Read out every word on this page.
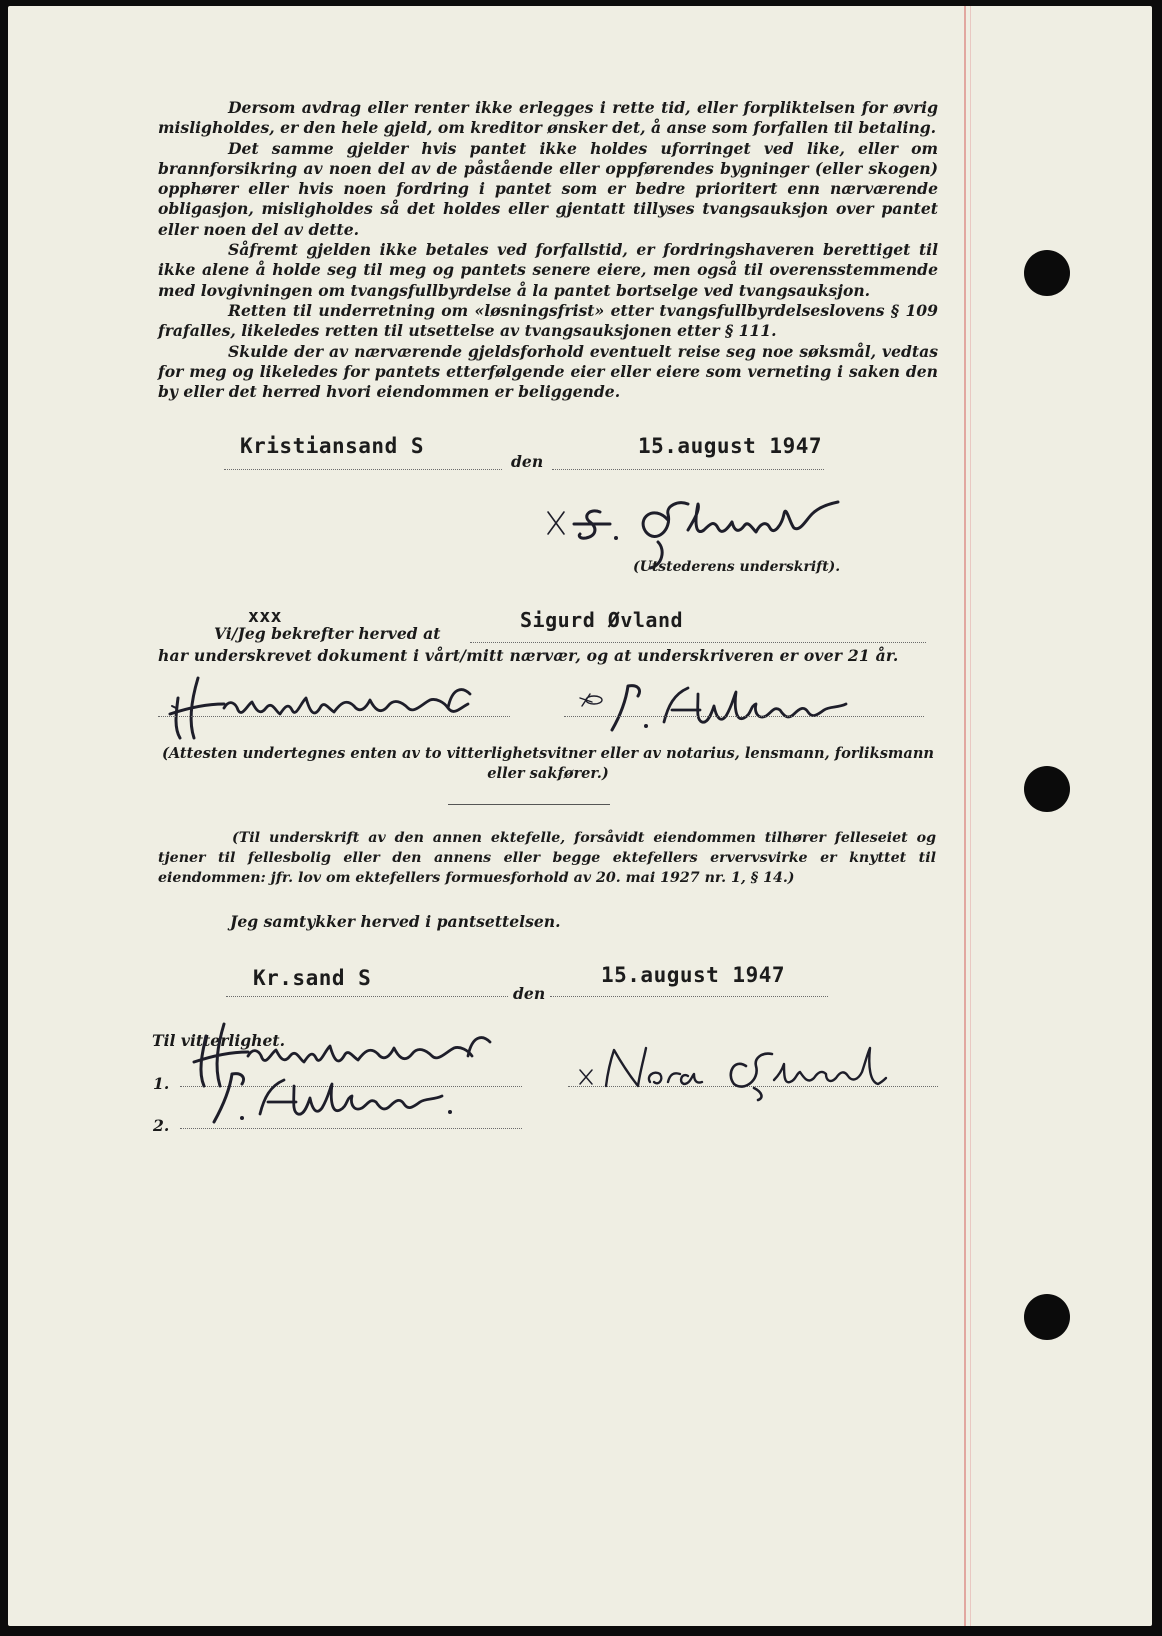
Dersom avdrag eller renter ikke erlegges i rette tid, eller forpliktelsen for øvrig misligholdes, er den hele gjeld, om kreditor ønsker det, å anse som forfallen til betaling.
Det samme gjelder hvis pantet ikke holdes uforringet ved like, eller om brannforsikring av noen del av de påstående eller oppførendes bygninger (eller skogen) opphører eller hvis noen fordring i pantet som er bedre prioritert enn nærværende obligasjon, misligholdes så det holdes eller gjentatt tillyses tvangsauksjon over pantet eller noen del av dette.
Såfremt gjelden ikke betales ved forfallstid, er fordringshaveren berettiget til ikke alene å holde seg til meg og pantets senere eiere, men også til overensstemmende med lovgivningen om tvangsfullbyrdelse å la pantet bortselge ved tvangsauksjon.
Retten til underretning om «løsningsfrist» etter tvangsfullbyrdelseslovens § 109 frafalles, likeledes retten til utsettelse av tvangsauksjonen etter § 111.
Skulde der av nærværende gjeldsforhold eventuelt reise seg noe søksmål, vedtas for meg og likeledes for pantets etterfølgende eier eller eiere som verneting i saken den by eller det herred hvori eiendommen er beliggende.
Kristiansand S
den
15.august 1947
(Utstederens underskrift).
xxx
Vi/Jeg bekrefter herved at
Sigurd Øvland
har underskrevet dokument i vårt/mitt nærvær, og at underskriveren er over 21 år.
(Attesten undertegnes enten av to vitterlighetsvitner eller av notarius, lensmann, forliksmann eller sakfører.)
(Til underskrift av den annen ektefelle, forsåvidt eiendommen tilhører felleseiet og tjener til fellesbolig eller den annens eller begge ektefellers ervervsvirke er knyttet til eiendommen: jfr. lov om ektefellers formuesforhold av 20. mai 1927 nr. 1, § 14.)
Jeg samtykker herved i pantsettelsen.
Kr.sand S
den
15.august 1947
Til vitterlighet.
1.
2.
